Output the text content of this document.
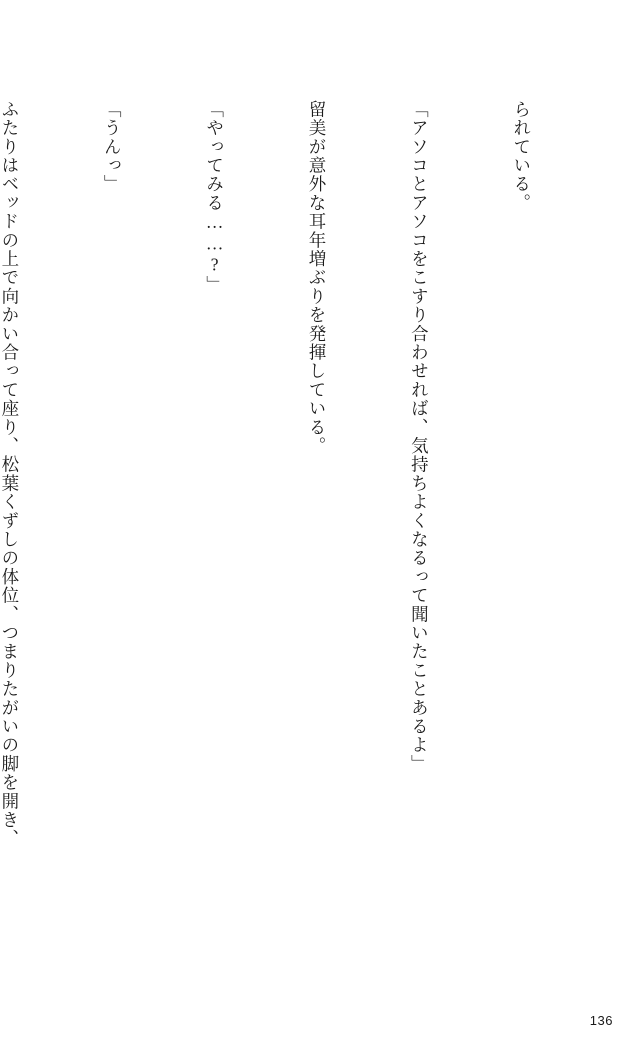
られている。

「アソコとアソコをこすり合わせれば、気持ちよくなるって聞いたことあるよ」

留美が意外な耳年増ぶりを発揮している。

「やってみる……?」

「うんっ」

ふたりはベッドの上で向かい合って座り、松葉くずしの体位、つまりたがいの脚を開き、

136
